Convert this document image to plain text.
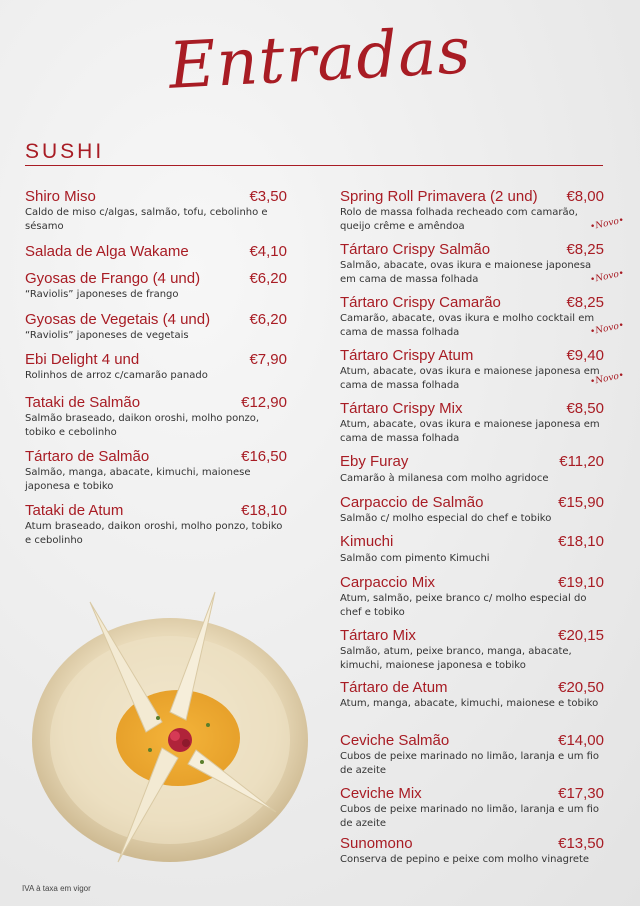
Entradas
SUSHI
Shiro Miso	€3,50
Caldo de miso c/algas, salmão, tofu, cebolinho e sésamo
Salada de Alga Wakame	€4,10
Gyosas de Frango (4 und)	€6,20
“Raviolis” japoneses de frango
Gyosas de Vegetais (4 und)	€6,20
“Raviolis” japoneses de vegetais
Ebi Delight 4 und	€7,90
Rolinhos de arroz c/camarão panado
Tataki de Salmão	€12,90
Salmão braseado, daikon oroshi, molho ponzo, tobiko e cebolinho
Tártaro de Salmão	€16,50
Salmão, manga, abacate, kimuchi, maionese japonesa e tobiko
Tataki de Atum	€18,10
Atum braseado, daikon oroshi, molho ponzo, tobiko e cebolinho
Spring Roll Primavera (2 und) €8,00
Rolo de massa folhada recheado com camarão, queijo crême e amêndoa
Tártaro Crispy Salmão	€8,25
Salmão, abacate, ovas ikura e maionese japonesa em cama de massa folhada
Tártaro Crispy Camarão	€8,25
Camarão, abacate, ovas ikura e molho cocktail em cama de massa folhada
Tártaro Crispy Atum	€9,40
Atum, abacate, ovas ikura e maionese japonesa em cama de massa folhada
Tártaro Crispy Mix	€8,50
Atum, abacate, ovas ikura e maionese japonesa em cama de massa folhada
Eby Furay	€11,20
Camarão à milanesa com molho agridoce
Carpaccio de Salmão	€15,90
Salmão c/ molho especial do chef e tobiko
Kimuchi	€18,10
Salmão com pimento Kimuchi
Carpaccio Mix	€19,10
Atum, salmão, peixe branco c/ molho especial do chef e tobiko
Tártaro Mix	€20,15
Salmão, atum, peixe branco, manga, abacate, kimuchi, maionese japonesa e tobiko
Tártaro de Atum	€20,50
Atum, manga, abacate, kimuchi, maionese e tobiko
Ceviche Salmão	€14,00
Cubos de peixe marinado no limão, laranja e um fio de azeite
Ceviche Mix	€17,30
Cubos de peixe marinado no limão, laranja e um fio de azeite
Sunomono	€13,50
Conserva de pepino e peixe com molho vinagrete
•Novo•
•Novo•
•Novo•
•Novo•
IVA à taxa em vigor
